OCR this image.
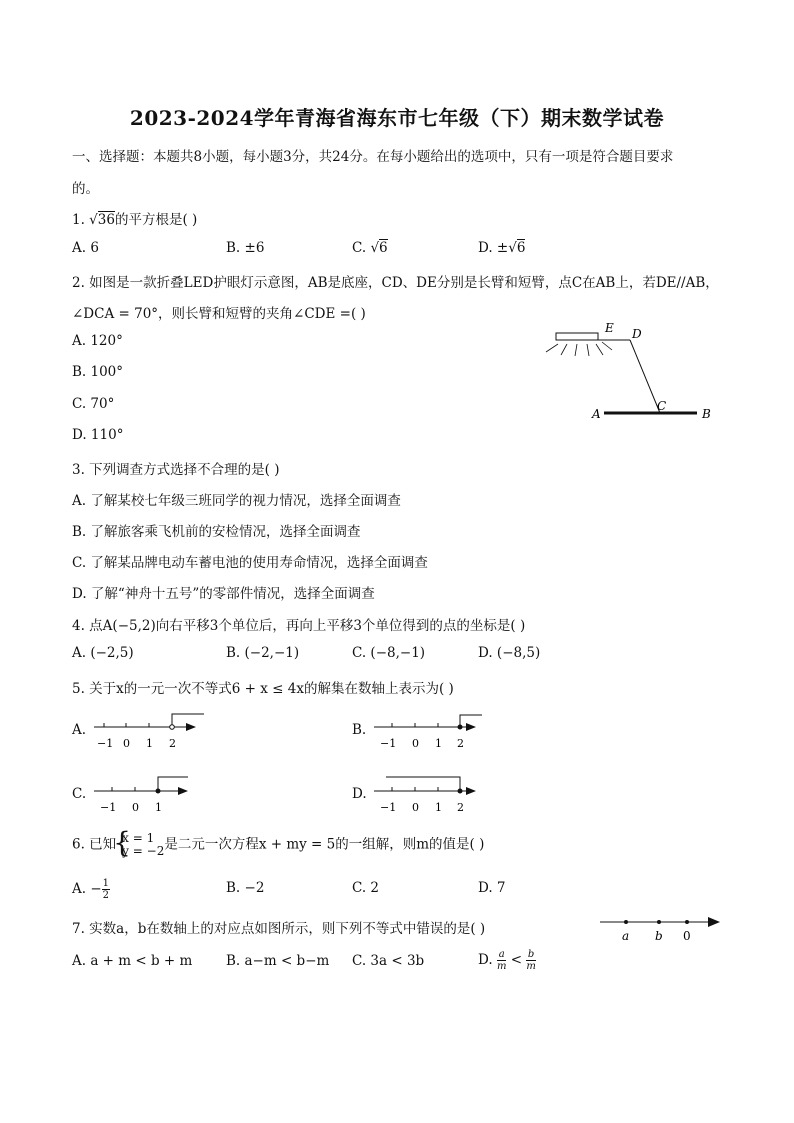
2023-2024学年青海省海东市七年级（下）期末数学试卷
一、选择题：本题共8小题，每小题3分，共24分。在每小题给出的选项中，只有一项是符合题目要求
的。
1. √36的平方根是( )
A. 6	B. ±6	C. √6	D. ±√6
2. 如图是一款折叠LED护眼灯示意图，AB是底座，CD、DE分别是长臂和短臂，点C在AB上，若DE//AB，
∠DCA = 70°，则长臂和短臂的夹角∠CDE =( )
A. 120°
B. 100°
C. 70°
D. 110°
E D
C
A	B
3. 下列调查方式选择不合理的是( )
A. 了解某校七年级三班同学的视力情况，选择全面调查
B. 了解旅客乘飞机前的安检情况，选择全面调查
C. 了解某品牌电动车蓄电池的使用寿命情况，选择全面调查
D. 了解“神舟十五号”的零部件情况，选择全面调查
4. 点A(−5,2)向右平移3个单位后，再向上平移3个单位得到的点的坐标是( )
A. (−2,5)	B. (−2,−1)	C. (−8,−1)	D. (−8,5)
5. 关于x的一元一次不等式6 + x ≤ 4x的解集在数轴上表示为( )
A.
−1 0 1 2
B.
−1 0 1 2
C.
−1 0 1
D.
−1 0 1 2
6. 已知
{ x = 1
y = −2 是二元一次方程x + my = 5的一组解，则m的值是( )
A. − $\frac{1}{2}$	B. −2	C. 2	D. 7
7. 实数a，b在数轴上的对应点如图所示，则下列不等式中错误的是( )	a b 0
A. a + m < b + m B. a−m < b−m C. 3a < 3b	D. $\frac{a}{m} < \frac{b}{m}$
